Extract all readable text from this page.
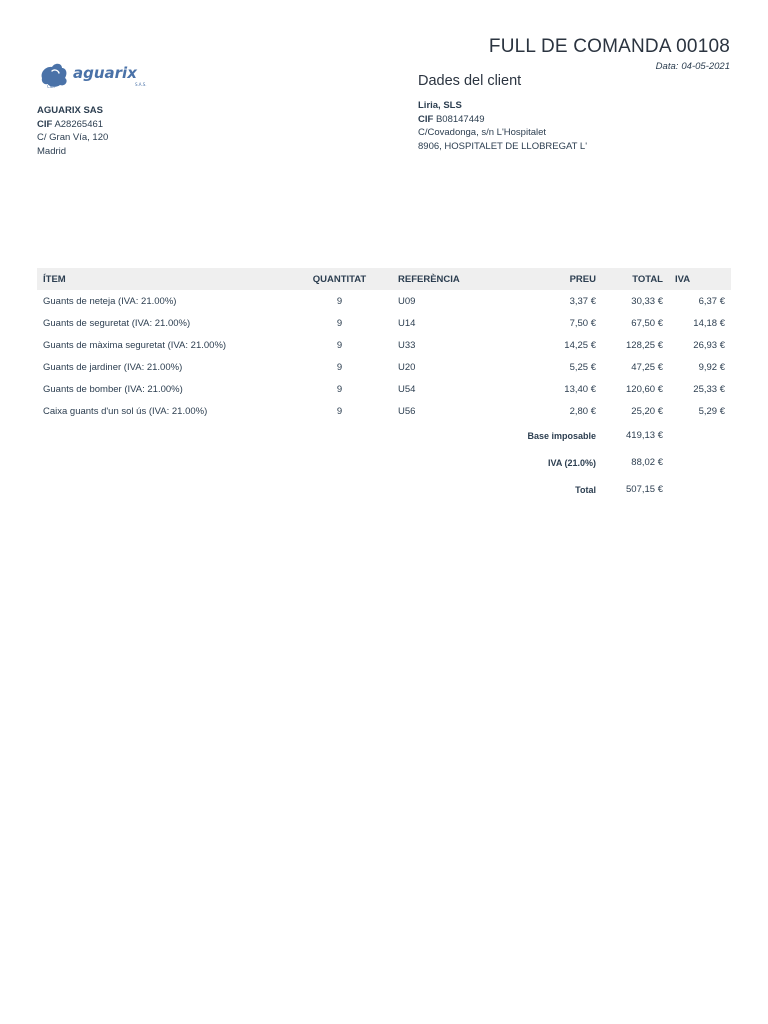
aguarix
CIEF	S.A.S.
FULL DE COMANDA 00108
Data: 04-05-2021
Dades del client
AGUARIX SAS
CIF A28265461
C/ Gran Vía, 120
Madrid
Liria, SLS
CIF B08147449
C/Covadonga, s/n L'Hospitalet
8906, HOSPITALET DE LLOBREGAT L'
ÍTEM	QUANTITAT	REFERÈNCIA	PREU	TOTAL	IVA
Guants de neteja (IVA: 21.00%)	9	U09	3,37 €	30,33 €	6,37 €
Guants de seguretat (IVA: 21.00%)	9	U14	7,50 €	67,50 €	14,18 €
Guants de màxima seguretat (IVA: 21.00%)	9	U33	14,25 €	128,25 €	26,93 €
Guants de jardiner (IVA: 21.00%)	9	U20	5,25 €	47,25 €	9,92 €
Guants de bomber (IVA: 21.00%)	9	U54	13,40 €	120,60 €	25,33 €
Caixa guants d'un sol ús (IVA: 21.00%)	9	U56	2,80 €	25,20 €	5,29 €
Base imposable				419,13 €	
IVA (21.0%)				88,02 €	
Total				507,15 €	
